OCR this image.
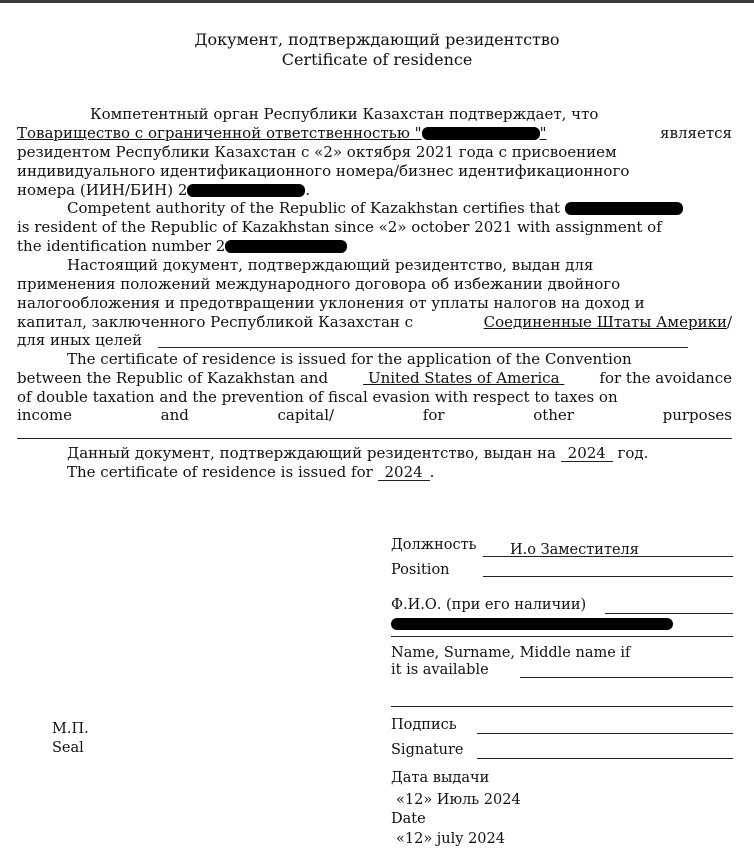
Документ, подтверждающий резидентство
Certificate of residence

Компетентный орган Республики Казахстан подтверждает, что

Товарищество с ограниченной ответственностью "	"	является

резидентом Республики Казахстан с «2» октября 2021 года с присвоением

индивидуального идентификационного номера/бизнес идентификационного

номера (ИИН/БИН) 2	.
Competent authority of the Republic of Kazakhstan certifies that

is resident of the Republic of Kazakhstan since «2» october 2021 with assignment of

the identification number 2

Настоящий документ, подтверждающий резидентство, выдан для

применения положений международного договора об избежании двойного

налогообложения и предотвращении уклонения от уплаты налогов на доход и

капитал, заключенного Республикой Казахстан с	Соединенные Штаты Америки/
для иных целей

The certificate of residence is issued for the application of the Convention

between the Republic of Kazakhstan and	United States of America	for the avoidance

of double taxation and the prevention of fiscal evasion with respect to taxes on

income	and	capital/	for	other	purposes
Данный документ, подтверждающий резидентство, выдан на 2024 год.
The certificate of residence is issued for 2024 .
Должность И.о Заместителя
Position
Ф.И.О. (при его наличии)
Name, Surname, Middle name if
it is available
Подпись
Signature
Дата выдачи
«12» Июль 2024
Date
«12» july 2024
М.П.
Seal
